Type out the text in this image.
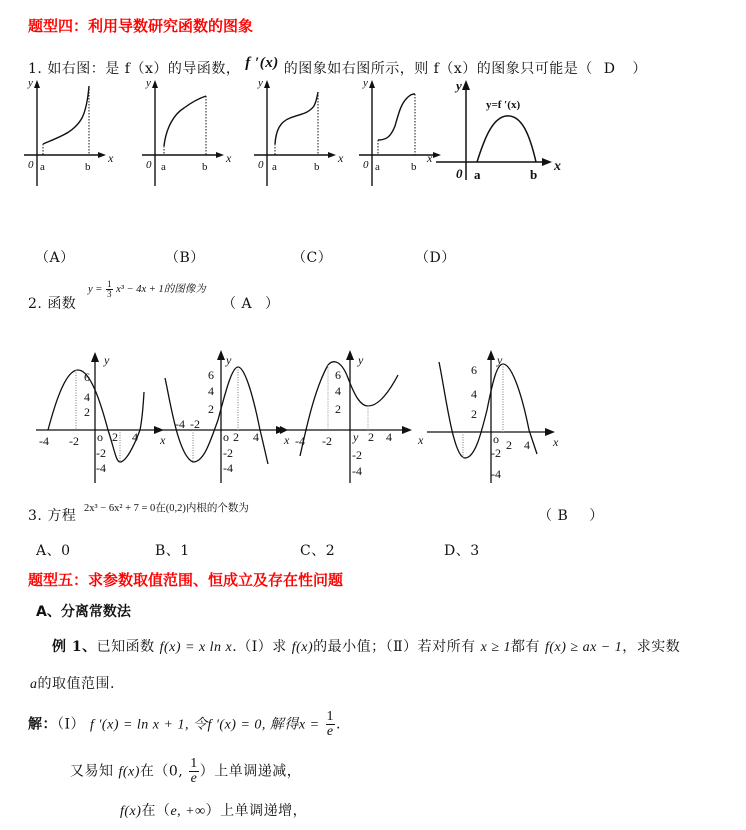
题型四：利用导数研究函数的图象
1. 如右图：是 f（x）的导函数， f ′(x) 的图象如右图所示，则 f（x）的图象只可能是（ D ）
y
x
0 a	b
y
x
0 a	b
y
x
0 a	b
y
x
0 a	b
y
x
0 a	b
y=f ′(x)
（A）	（B）	（C）	（D）
2. 函数
$y = \frac{1}{3} x^3 - 4x + 1$的图像为
（ A ）
y
x
6
4
2
-4 -2 o 2 4
-2
-4
y
6
4
2
-4 -2
o 2 4
-2
-4
y
x	x
6
4
2
-4 -2 y 2 4
-2
-4
y
x
6
4
2
o 2 4
-2
-4
3. 方程 2x³ − 6x² + 7 = 0在(0,2)内根的个数为	（ B ）
A、0	B、1	C、2	D、3
题型五：求参数取值范围、恒成立及存在性问题
A、分离常数法
例 1、已知函数 f(x) = x ln x.（Ⅰ）求 f(x)的最小值；（Ⅱ）若对所有 x ≥ 1都有 f(x) ≥ ax − 1，求实数
a的取值范围.
解：（Ⅰ） f ′(x) = ln x + 1, 令f ′(x) = 0, 解得$x = \frac{1}{e}$ .
又易知 f(x)在（0, $\frac{1}{e}$ ）上单调递减，
f(x)在（e, +∞）上单调递增，
